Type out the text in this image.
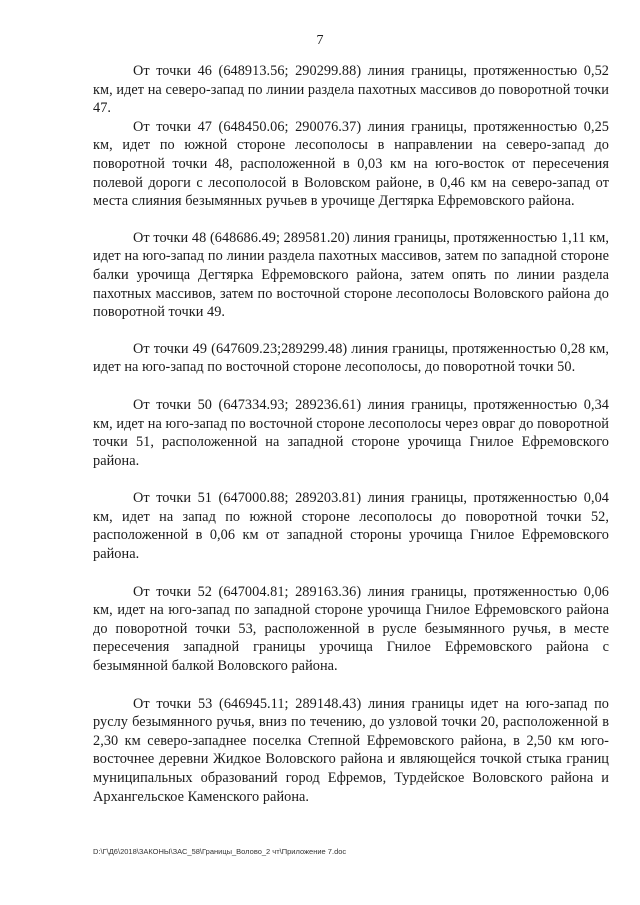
7

От точки 46 (648913.56; 290299.88) линия границы, протяженностью 0,52 км, идет на северо-запад по линии раздела пахотных массивов до поворотной точки 47.

От точки 47 (648450.06; 290076.37) линия границы, протяженностью 0,25 км, идет по южной стороне лесополосы в направлении на северо-запад до поворотной точки 48, расположенной в 0,03 км на юго-восток от пересечения полевой дороги с лесополосой в Воловском районе, в 0,46 км на северо-запад от места слияния безымянных ручьев в урочище Дегтярка Ефремовского района.

От точки 48 (648686.49; 289581.20) линия границы, протяженностью 1,11 км, идет на юго-запад по линии раздела пахотных массивов, затем по западной стороне балки урочища Дегтярка Ефремовского района, затем опять по линии раздела пахотных массивов, затем по восточной стороне лесополосы Воловского района до поворотной точки 49.

От точки 49 (647609.23;289299.48) линия границы, протяженностью 0,28 км, идет на юго-запад по восточной стороне лесополосы, до поворотной точки 50.

От точки 50 (647334.93; 289236.61) линия границы, протяженностью 0,34 км, идет на юго-запад по восточной стороне лесополосы через овраг до поворотной точки 51, расположенной на западной стороне урочища Гнилое Ефремовского района.

От точки 51 (647000.88; 289203.81) линия границы, протяженностью 0,04 км, идет на запад по южной стороне лесополосы до поворотной точки 52, расположенной в 0,06 км от западной стороны урочища Гнилое Ефремовского района.

От точки 52 (647004.81; 289163.36) линия границы, протяженностью 0,06 км, идет на юго-запад по западной стороне урочища Гнилое Ефремовского района до поворотной точки 53, расположенной в русле безымянного ручья, в месте пересечения западной границы урочища Гнилое Ефремовского района с безымянной балкой Воловского района.

От точки 53 (646945.11; 289148.43) линия границы идет на юго-запад по руслу безымянного ручья, вниз по течению, до узловой точки 20, расположенной в 2,30 км северо-западнее поселка Степной Ефремовского района, в 2,50 км юго-восточнее деревни Жидкое Воловского района и являющейся точкой стыка границ муниципальных образований город Ефремов, Турдейское Воловского района и Архангельское Каменского района.

D:\Г\Д6\2018\ЗАКОНЫ\ЗАС_58\Границы_Волово_2 чт\Приложение 7.doc
